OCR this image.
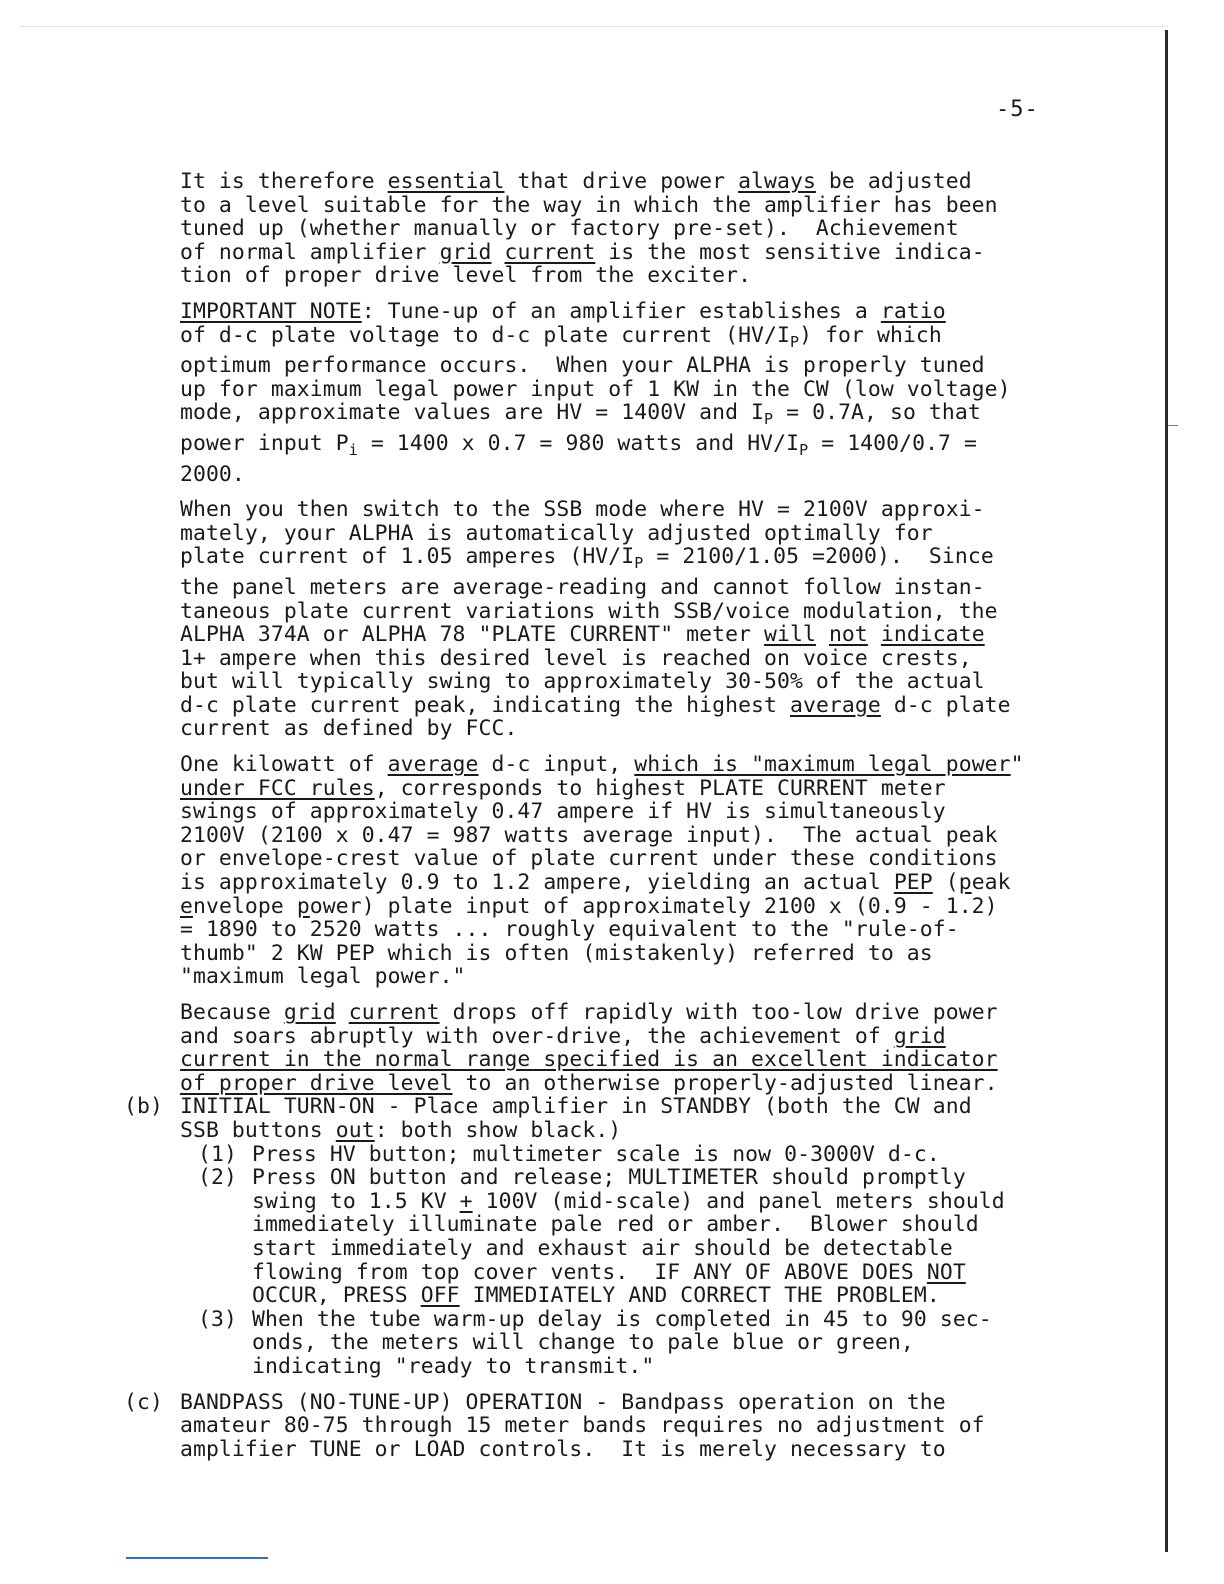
-5-
It is therefore essential that drive power always be adjusted
to a level suitable for the way in which the amplifier has been
tuned up (whether manually or factory pre-set).  Achievement
of normal amplifier grid current is the most sensitive indica-
tion of proper drive level from the exciter.
IMPORTANT NOTE: Tune-up of an amplifier establishes a ratio
of d-c plate voltage to d-c plate current $(HV/I_P)$ for which
optimum performance occurs.  When your ALPHA is properly tuned
up for maximum legal power input of 1 KW in the CW (low voltage)
mode, approximate values are HV = 1400V and $I_P = 0.7A$, so that
power input $P_i = 1400$ x 0.7 = 980 watts and $HV/I_P = 1400/0.7$ =
2000.
When you then switch to the SSB mode where HV = 2100V approxi-
mately, your ALPHA is automatically adjusted optimally for
plate current of 1.05 amperes $(HV/I_P = 2100/1.05 =2000)$.  Since
the panel meters are average-reading and cannot follow instan-
taneous plate current variations with SSB/voice modulation, the
ALPHA 374A or ALPHA 78 "PLATE CURRENT" meter will not indicate
1+ ampere when this desired level is reached on voice crests,
but will typically swing to approximately 30-50% of the actual
d-c plate current peak, indicating the highest average d-c plate
current as defined by FCC.
One kilowatt of average d-c input, which is "maximum legal power"
under FCC rules, corresponds to highest PLATE CURRENT meter
swings of approximately 0.47 ampere if HV is simultaneously
2100V (2100 x 0.47 = 987 watts average input).  The actual peak
or envelope-crest value of plate current under these conditions
is approximately 0.9 to 1.2 ampere, yielding an actual PEP (peak
envelope power) plate input of approximately 2100 x (0.9 - 1.2)
= 1890 to 2520 watts ... roughly equivalent to the "rule-of-
thumb" 2 KW PEP which is often (mistakenly) referred to as
"maximum legal power."
Because grid current drops off rapidly with too-low drive power
and soars abruptly with over-drive, the achievement of grid
current in the normal range specified is an excellent indicator
of proper drive level to an otherwise properly-adjusted linear.
(b) INITIAL TURN-ON - Place amplifier in STANDBY (both the CW and
SSB buttons out: both show black.)
(1) Press HV button; multimeter scale is now 0-3000V d-c.
(2) Press ON button and release; MULTIMETER should promptly
swing to 1.5 KV + 100V (mid-scale) and panel meters should
immediately illuminate pale red or amber.  Blower should
start immediately and exhaust air should be detectable
flowing from top cover vents.  IF ANY OF ABOVE DOES NOT
OCCUR, PRESS OFF IMMEDIATELY AND CORRECT THE PROBLEM.
(3) When the tube warm-up delay is completed in 45 to 90 sec-
onds, the meters will change to pale blue or green,
indicating "ready to transmit."
(c) BANDPASS (NO-TUNE-UP) OPERATION - Bandpass operation on the
amateur 80-75 through 15 meter bands requires no adjustment of
amplifier TUNE or LOAD controls.  It is merely necessary to
